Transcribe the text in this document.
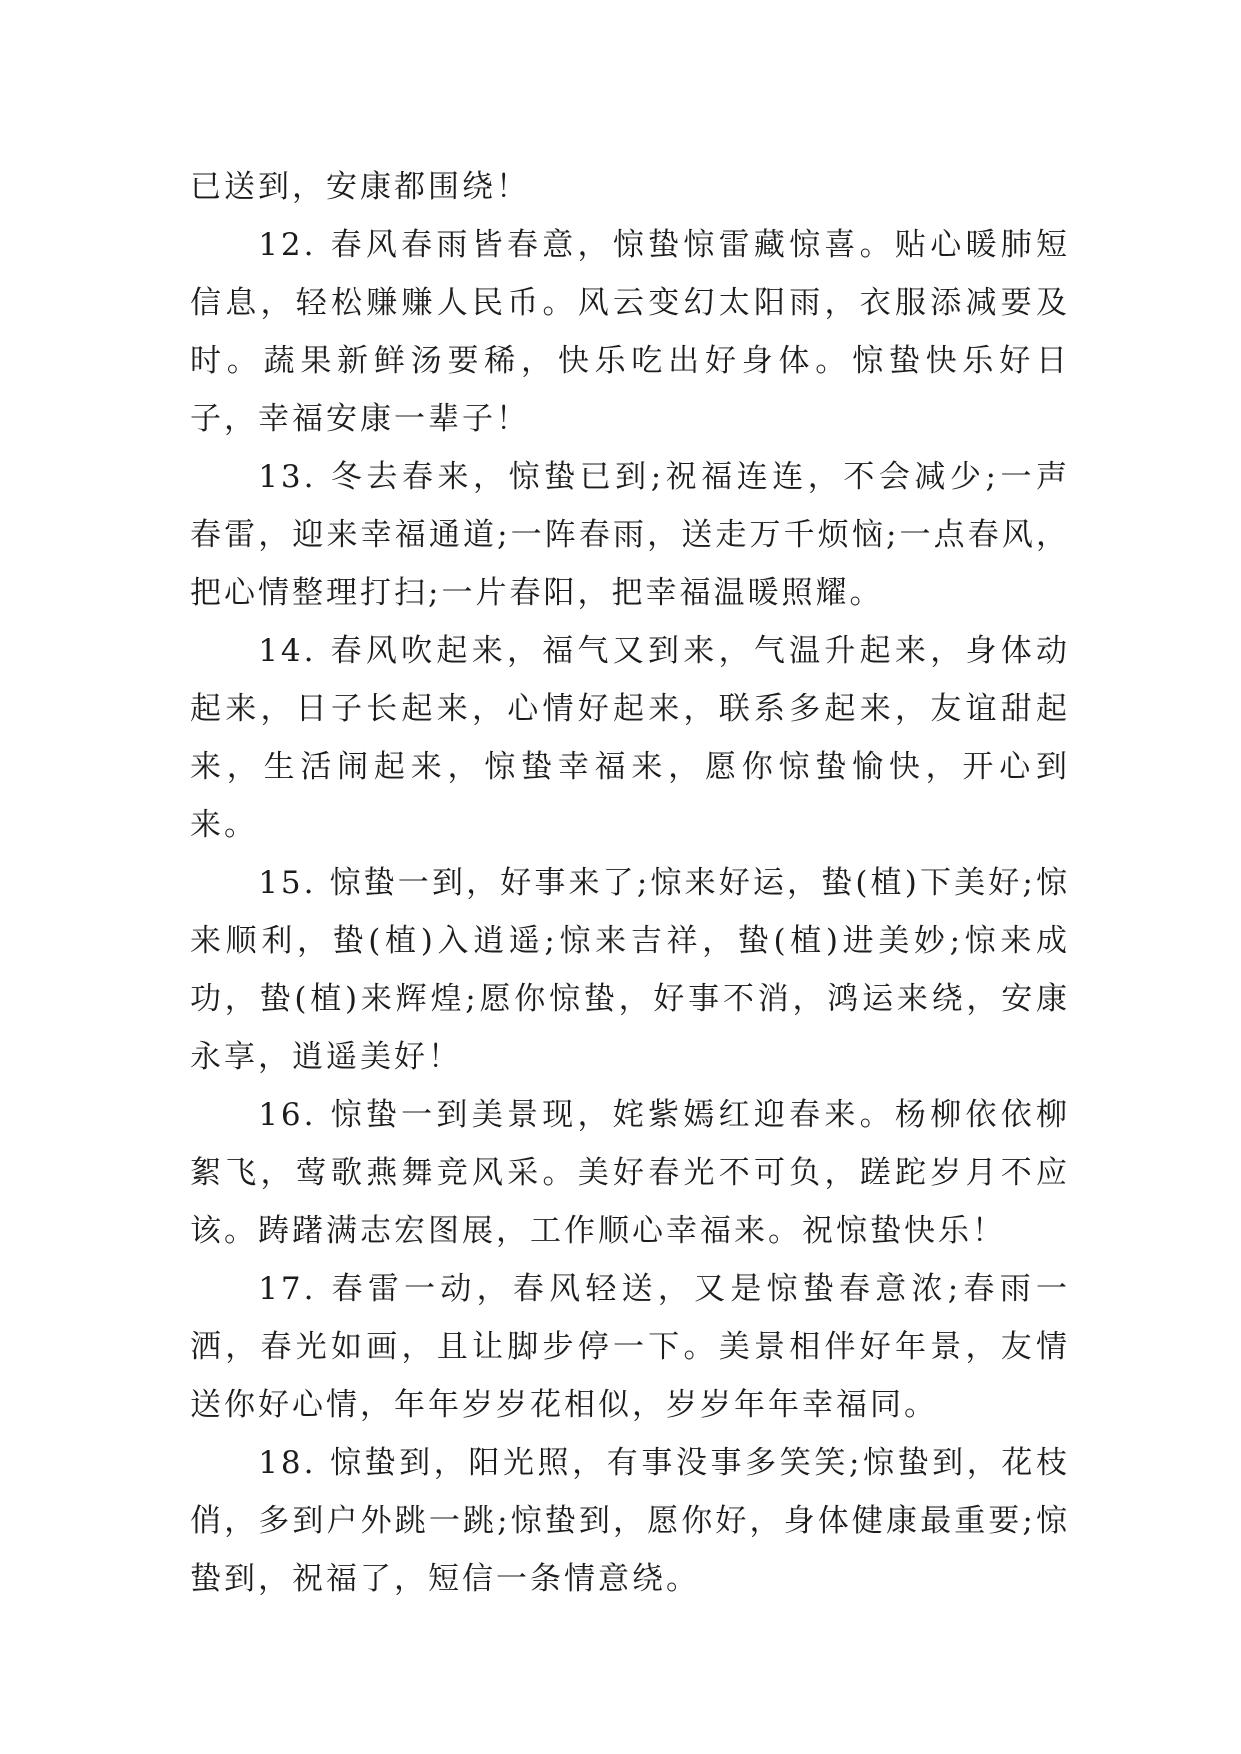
已送到，安康都围绕！

12. 春风春雨皆春意，惊蛰惊雷藏惊喜。贴心暖肺短信息，轻松赚赚人民币。风云变幻太阳雨，衣服添减要及时。蔬果新鲜汤要稀，快乐吃出好身体。惊蛰快乐好日子，幸福安康一辈子！

13. 冬去春来，惊蛰已到;祝福连连，不会减少;一声春雷，迎来幸福通道;一阵春雨，送走万千烦恼;一点春风，把心情整理打扫;一片春阳，把幸福温暖照耀。

14. 春风吹起来，福气又到来，气温升起来，身体动起来，日子长起来，心情好起来，联系多起来，友谊甜起来，生活闹起来，惊蛰幸福来，愿你惊蛰愉快，开心到来。

15. 惊蛰一到，好事来了;惊来好运，蛰(植)下美好;惊来顺利，蛰(植)入逍遥;惊来吉祥，蛰(植)进美妙;惊来成功，蛰(植)来辉煌;愿你惊蛰，好事不消，鸿运来绕，安康永享，逍遥美好！

16. 惊蛰一到美景现，姹紫嫣红迎春来。杨柳依依柳絮飞，莺歌燕舞竞风采。美好春光不可负，蹉跎岁月不应该。踌躇满志宏图展，工作顺心幸福来。祝惊蛰快乐！

17. 春雷一动，春风轻送，又是惊蛰春意浓;春雨一洒，春光如画，且让脚步停一下。美景相伴好年景，友情送你好心情，年年岁岁花相似，岁岁年年幸福同。

18. 惊蛰到，阳光照，有事没事多笑笑;惊蛰到，花枝俏，多到户外跳一跳;惊蛰到，愿你好，身体健康最重要;惊蛰到，祝福了，短信一条情意绕。
